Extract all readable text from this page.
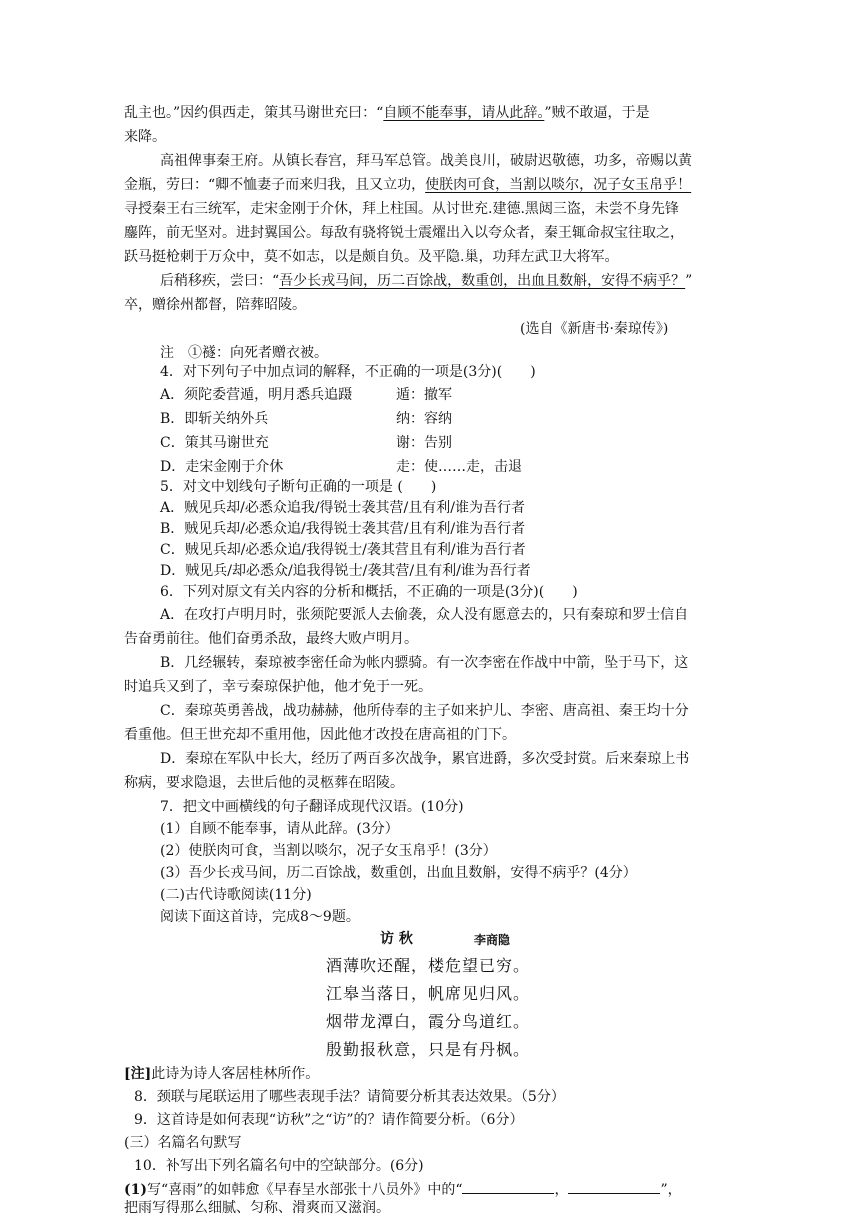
乱主也。”因约俱西走，策其马谢世充曰：“自顾不能奉事，请从此辞。”贼不敢逼，于是
来降。
高祖俾事秦王府。从镇长春宫，拜马军总管。战美良川，破尉迟敬德，功多，帝赐以黄
金瓶，劳曰：“卿不恤妻子而来归我，且又立功，使朕肉可食，当割以啖尔，况子女玉帛乎！
寻授秦王右三统军，走宋金刚于介休，拜上柱国。从讨世充.建德.黑闼三盗，未尝不身先锋
鏖阵，前无坚对。进封翼国公。每敌有骁将锐士震燿出入以夸众者，秦王辄命叔宝往取之，
跃马挺枪刺于万众中，莫不如志，以是颇自负。及平隐.巢，功拜左武卫大将军。
后稍移疾，尝曰：“吾少长戎马间，历二百馀战，数重创，出血且数斛，安得不病乎？”
卒，赠徐州都督，陪葬昭陵。
(选自《新唐书·秦琼传》)
注　①襚：向死者赠衣被。
4．对下列句子中加点词的解释，不正确的一项是(3分)(　　)
A．须陀委营遁，明月悉兵追蹑	遁：撤军
B．即斩关纳外兵	纳：容纳
C．策其马谢世充	谢：告别
D．走宋金刚于介休	走：使……走，击退
5．对文中划线句子断句正确的一项是 (　　)
A．贼见兵却/必悉众追我/得锐士袭其营/且有利/谁为吾行者
B．贼见兵却/必悉众追/我得锐士袭其营/且有利/谁为吾行者
C．贼见兵却/必悉众追/我得锐士/袭其营且有利/谁为吾行者
D．贼见兵/却必悉众/追我得锐士/袭其营/且有利/谁为吾行者
6．下列对原文有关内容的分析和概括，不正确的一项是(3分)(　　)
A．在攻打卢明月时，张须陀要派人去偷袭，众人没有愿意去的，只有秦琼和罗士信自
告奋勇前往。他们奋勇杀敌，最终大败卢明月。
B．几经辗转，秦琼被李密任命为帐内骠骑。有一次李密在作战中中箭，坠于马下，这
时追兵又到了，幸亏秦琼保护他，他才免于一死。
C．秦琼英勇善战，战功赫赫，他所侍奉的主子如来护儿、李密、唐高祖、秦王均十分
看重他。但王世充却不重用他，因此他才改投在唐高祖的门下。
D．秦琼在军队中长大，经历了两百多次战争，累官进爵，多次受封赏。后来秦琼上书
称病，要求隐退，去世后他的灵柩葬在昭陵。
7．把文中画横线的句子翻译成现代汉语。(10分)
(1）自顾不能奉事，请从此辞。(3分）
(2）使朕肉可食，当割以啖尔，况子女玉帛乎！(3分）
(3）吾少长戎马间，历二百馀战，数重创，出血且数斛，安得不病乎？(4分）
(二)古代诗歌阅读(11分)
阅读下面这首诗，完成8～9题。
访 秋	李商隐
酒薄吹还醒，楼危望已穷。
江皋当落日，帆席见归风。
烟带龙潭白，霞分鸟道红。
殷勤报秋意，只是有丹枫。
[注]此诗为诗人客居桂林所作。
8．颈联与尾联运用了哪些表现手法？请简要分析其表达效果。（5分）
9．这首诗是如何表现“访秋”之“访”的？请作简要分析。（6分）
(三）名篇名句默写
10．补写出下列名篇名句中的空缺部分。(6分)
(1)写“喜雨”的如韩愈《早春呈水部张十八员外》中的“	，	”，
把雨写得那么细腻、匀称、滑爽而又滋润。
